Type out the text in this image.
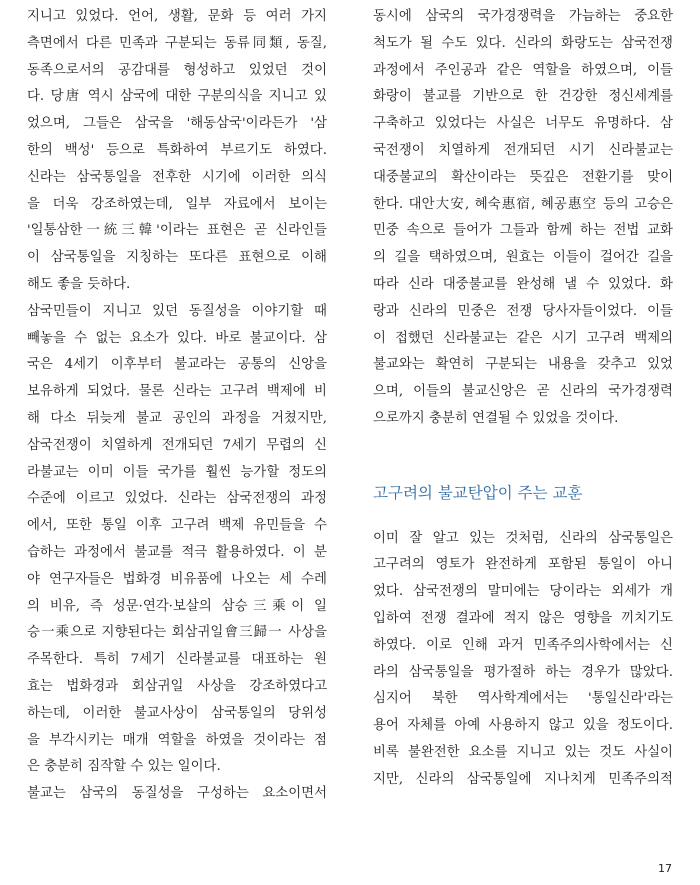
지니고 있었다. 언어, 생활, 문화 등 여러 가지
측면에서 다른 민족과 구분되는 동류同類, 동질,
동족으로서의 공감대를 형성하고 있었던 것이
다. 당唐 역시 삼국에 대한 구분의식을 지니고 있
었으며, 그들은 삼국을 '해동삼국'이라든가 '삼
한의 백성' 등으로 특화하여 부르기도 하였다.
신라는 삼국통일을 전후한 시기에 이러한 의식
을 더욱 강조하였는데, 일부 자료에서 보이는
'일통삼한一統三韓'이라는 표현은 곧 신라인들
이 삼국통일을 지칭하는 또다른 표현으로 이해
해도 좋을 듯하다.
삼국민들이 지니고 있던 동질성을 이야기할 때
빼놓을 수 없는 요소가 있다. 바로 불교이다. 삼
국은 4세기 이후부터 불교라는 공통의 신앙을
보유하게 되었다. 물론 신라는 고구려 백제에 비
해 다소 뒤늦게 불교 공인의 과정을 거쳤지만,
삼국전쟁이 치열하게 전개되던 7세기 무렵의 신
라불교는 이미 이들 국가를 훨씬 능가할 정도의
수준에 이르고 있었다. 신라는 삼국전쟁의 과정
에서, 또한 통일 이후 고구려 백제 유민들을 수
습하는 과정에서 불교를 적극 활용하였다. 이 분
야 연구자들은 법화경 비유품에 나오는 세 수레
의 비유, 즉 성문·연각·보살의 삼승三乘이 일
승一乘으로 지향된다는 회삼귀일會三歸一 사상을
주목한다. 특히 7세기 신라불교를 대표하는 원
효는 법화경과 회삼귀일 사상을 강조하였다고
하는데, 이러한 불교사상이 삼국통일의 당위성
을 부각시키는 매개 역할을 하였을 것이라는 점
은 충분히 짐작할 수 있는 일이다.
불교는 삼국의 동질성을 구성하는 요소이면서
동시에 삼국의 국가경쟁력을 가늠하는 중요한
척도가 될 수도 있다. 신라의 화랑도는 삼국전쟁
과정에서 주인공과 같은 역할을 하였으며, 이들
화랑이 불교를 기반으로 한 건강한 정신세계를
구축하고 있었다는 사실은 너무도 유명하다. 삼
국전쟁이 치열하게 전개되던 시기 신라불교는
대중불교의 확산이라는 뜻깊은 전환기를 맞이
한다. 대안大安, 혜숙惠宿, 혜공惠空 등의 고승은
민중 속으로 들어가 그들과 함께 하는 전법 교화
의 길을 택하였으며, 원효는 이들이 걸어간 길을
따라 신라 대중불교를 완성해 낼 수 있었다. 화
랑과 신라의 민중은 전쟁 당사자들이었다. 이들
이 접했던 신라불교는 같은 시기 고구려 백제의
불교와는 확연히 구분되는 내용을 갖추고 있었
으며, 이들의 불교신앙은 곧 신라의 국가경쟁력
으로까지 충분히 연결될 수 있었을 것이다.
고구려의 불교탄압이 주는 교훈
이미 잘 알고 있는 것처럼, 신라의 삼국통일은
고구려의 영토가 완전하게 포함된 통일이 아니
었다. 삼국전쟁의 말미에는 당이라는 외세가 개
입하여 전쟁 결과에 적지 않은 영향을 끼치기도
하였다. 이로 인해 과거 민족주의사학에서는 신
라의 삼국통일을 평가절하 하는 경우가 많았다.
심지어 북한 역사학계에서는 '통일신라'라는
용어 자체를 아예 사용하지 않고 있을 정도이다.
비록 불완전한 요소를 지니고 있는 것도 사실이
지만, 신라의 삼국통일에 지나치게 민족주의적
17
